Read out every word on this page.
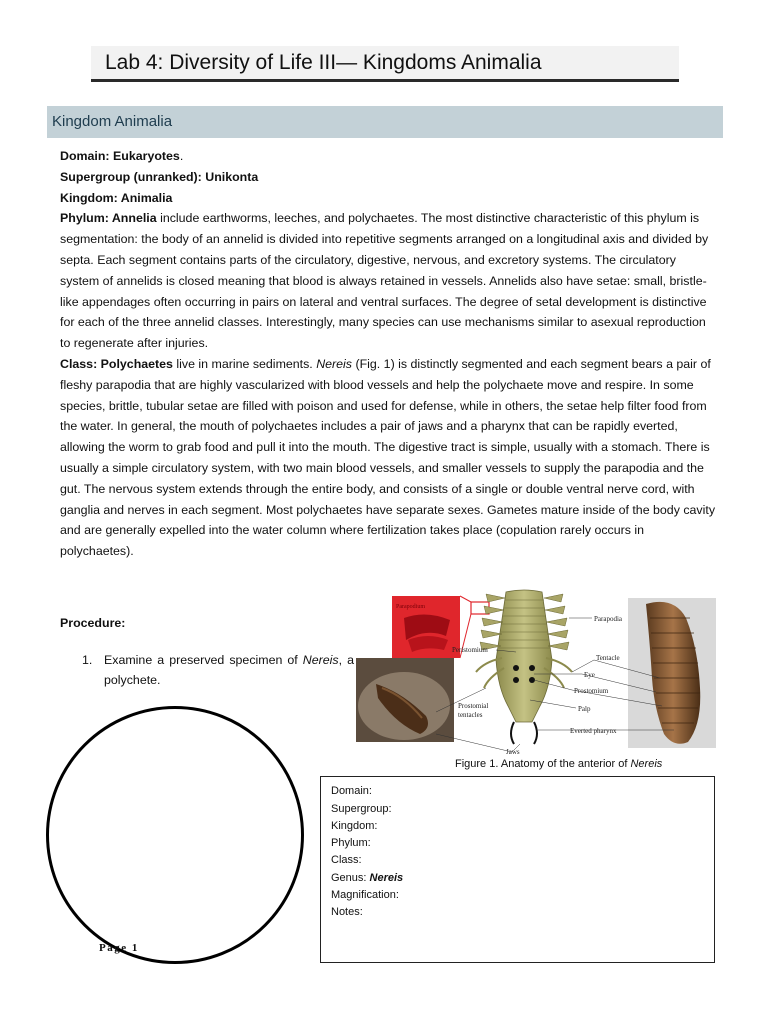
Lab 4: Diversity of Life III— Kingdoms Animalia
Kingdom Animalia

Domain: Eukaryotes.

Supergroup (unranked): Unikonta

Kingdom: Animalia

Phylum: Annelia include earthworms, leeches, and polychaetes. The most distinctive characteristic of this phylum is segmentation: the body of an annelid is divided into repetitive segments arranged on a longitudinal axis and divided by septa. Each segment contains parts of the circulatory, digestive, nervous, and excretory systems. The circulatory system of annelids is closed meaning that blood is always retained in vessels. Annelids also have setae: small, bristle-like appendages often occurring in pairs on lateral and ventral surfaces. The degree of setal development is distinctive for each of the three annelid classes. Interestingly, many species can use mechanisms similar to asexual reproduction to regenerate after injuries.

Class: Polychaetes live in marine sediments. Nereis (Fig. 1) is distinctly segmented and each segment bears a pair of fleshy parapodia that are highly vascularized with blood vessels and help the polychaete move and respire. In some species, brittle, tubular setae are filled with poison and used for defense, while in others, the setae help filter food from the water. In general, the mouth of polychaetes includes a pair of jaws and a pharynx that can be rapidly everted, allowing the worm to grab food and pull it into the mouth. The digestive tract is simple, usually with a stomach. There is usually a simple circulatory system, with two main blood vessels, and smaller vessels to supply the parapodia and the gut. The nervous system extends through the entire body, and consists of a single or double ventral nerve cord, with ganglia and nerves in each segment. Most polychaetes have separate sexes. Gametes mature inside of the body cavity and are generally expelled into the water column where fertilization takes place (copulation rarely occurs in polychaetes).

Procedure:
1. Examine a preserved specimen of Nereis, a polychete.
Page 1
Parapodium
Parapodia
Peristomium
Tentacle
Eye
Prostomium
Palp
Prostomial
tentacles
Everted pharynx
Jaws
Figure 1. Anatomy of the anterior of Nereis
Domain:
Supergroup:
Kingdom:
Phylum:
Class:
Genus: Nereis
Magnification:
Notes:
